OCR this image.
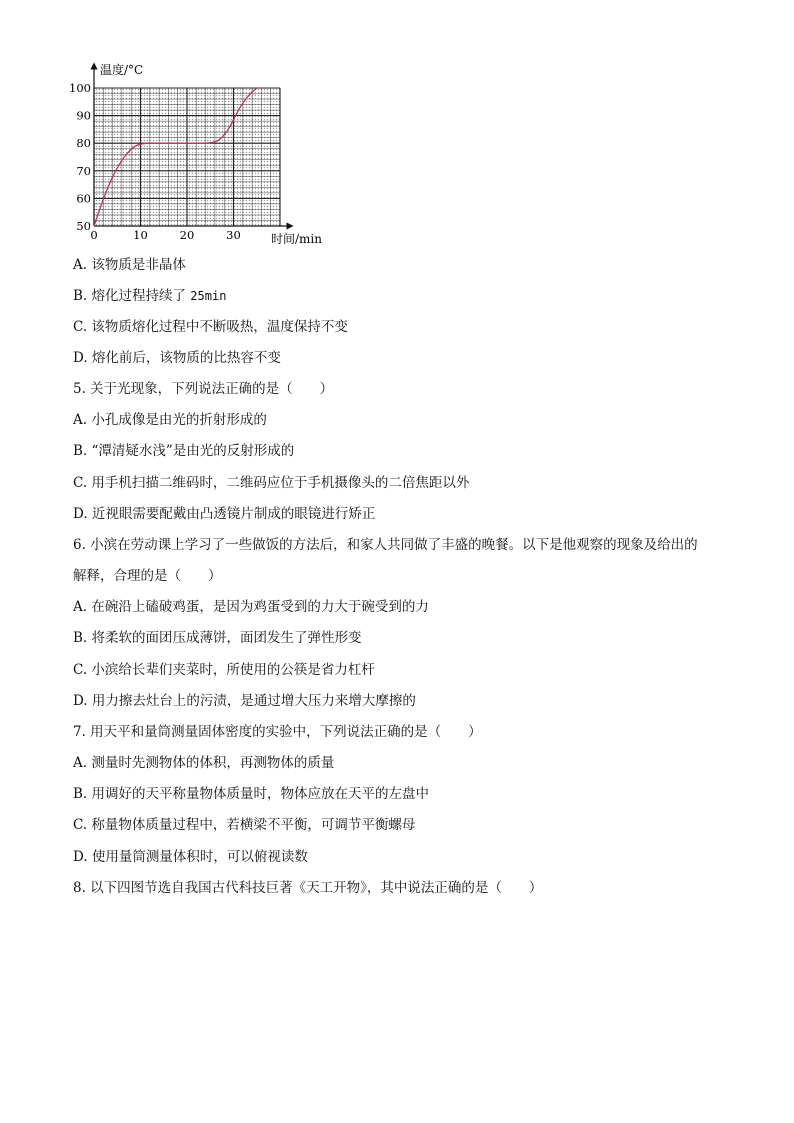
0	10	20	30
50
60
70
80
90
100
温度/°C
时间/min
A. 该物质是非晶体
B. 熔化过程持续了 25min
C. 该物质熔化过程中不断吸热，温度保持不变
D. 熔化前后，该物质的比热容不变
5. 关于光现象，下列说法正确的是（　　）
A. 小孔成像是由光的折射形成的
B. “潭清疑水浅”是由光的反射形成的
C. 用手机扫描二维码时，二维码应位于手机摄像头的二倍焦距以外
D. 近视眼需要配戴由凸透镜片制成的眼镜进行矫正
6. 小滨在劳动课上学习了一些做饭的方法后，和家人共同做了丰盛的晚餐。以下是他观察的现象及给出的
解释，合理的是（　　）
A. 在碗沿上磕破鸡蛋，是因为鸡蛋受到的力大于碗受到的力
B. 将柔软的面团压成薄饼，面团发生了弹性形变
C. 小滨给长辈们夹菜时，所使用的公筷是省力杠杆
D. 用力擦去灶台上的污渍，是通过增大压力来增大摩擦的
7. 用天平和量筒测量固体密度的实验中，下列说法正确的是（　　）
A. 测量时先测物体的体积，再测物体的质量
B. 用调好的天平称量物体质量时，物体应放在天平的左盘中
C. 称量物体质量过程中，若横梁不平衡，可调节平衡螺母
D. 使用量筒测量体积时，可以俯视读数
8. 以下四图节选自我国古代科技巨著《天工开物》，其中说法正确的是（　　）
